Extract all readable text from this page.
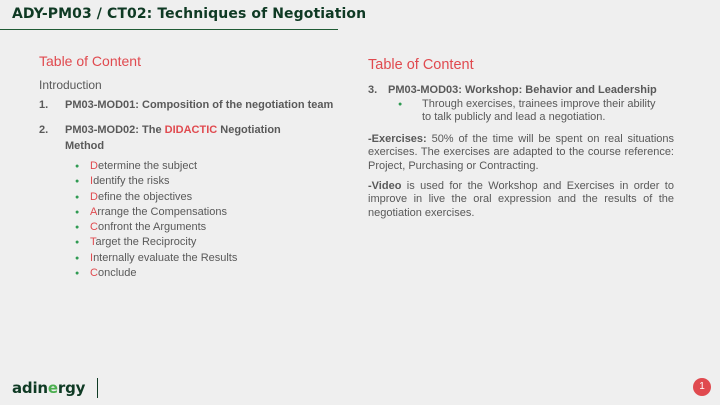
ADY-PM03 / CT02: Techniques of Negotiation
Table of Content
Introduction
1.	PM03-MOD01: Composition of the negotiation team
2.	PM03-MOD02: The DIDACTIC Negotiation Method
● Determine the subject
● Identify the risks
● Define the objectives
● Arrange the Compensations
● Confront the Arguments
● Target the Reciprocity
● Internally evaluate the Results
● Conclude
Table of Content
3. PM03-MOD03: Workshop: Behavior and Leadership
●	Through exercises, trainees improve their ability to talk publicly and lead a negotiation.
-Exercises: 50% of the time will be spent on real situations exercises. The exercises are adapted to the course reference: Project, Purchasing or Contracting.
-Video is used for the Workshop and Exercises in order to improve in live the oral expression and the results of the negotiation exercises.
adinergy	1
